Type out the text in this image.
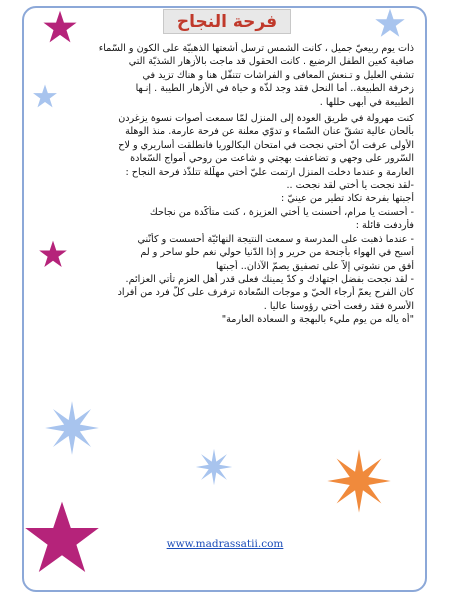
فرحة النجاح
ذات يوم ربيعيّ جميل ، كانت الشمس ترسل أشعتها الذهبيّة على الكون و السّماء
صافية كعين الطفل الرضيع . كانت الحقول قد ماجت بالأزهار الشذيّة التي
تشفي العليل و تـنعش المعافى و الفراشات تتنقّل هنا و هناك تزيد في
زخرفة الطبيعة.. أما النحل فقد وجد لذّة و حياة في الأزهار الطيبة . إنـها
الطبيعة في أبهى حللها .
كنت مهرولة في طريق العودة إلى المنزل لمّا سمعت أصوات نسوة يزغردن
بألحان عالية تشقّ عنان السّماء و تدوّي معلنة عن فرحة عارمة. منذ الوهلة
الأولى عرفت أنّ أختي نجحت في امتحان البكالوريا فانطلقت أساريري و لاح
السّرور على وجهي و تضاعفت بهجتي و شاعت من روحي أمواج السّعادة
العارمة و عندما دخلت المنزل ارتمت عليّ أختي مهلّلة تتلذّذ فرحة النجاح :
-لقد نجحت يا أختي لقد نجحت ..
أجبتها بفرحة تكاد تطير من عينيّ :
- أحسنت يا مرام، أحسنت يا أختي العزيزة ، كنت متأكّدة من نجاحك
فأردفت قائلة :
- عندما ذهبت على المدرسة و سمعت النتيجة النهائيّة أحسست و كأنّني
أسبح في الهواء بأجنحة من حرير و إذا الدّنيا حولي نغم حلو ساحر و لم
أفق من نشوتي إلاّ على تصفيق يصمّ الآذان.. أجبتها
- لقد نجحت بفضل اجتهادك و كدّ يمينك فعلى قدر أهل العزم تأتي العزائم.
كان الفرح يعمّ أرجاء الحيّ و موجات السّعادة ترفرف على كلّ فرد من أفراد
الأسرة فقد رفعت أختي رؤوسنا عاليا .
"أه ياله من يوم مليء بالبهجة و السعادة العارمة"
www.madrassatii.com
